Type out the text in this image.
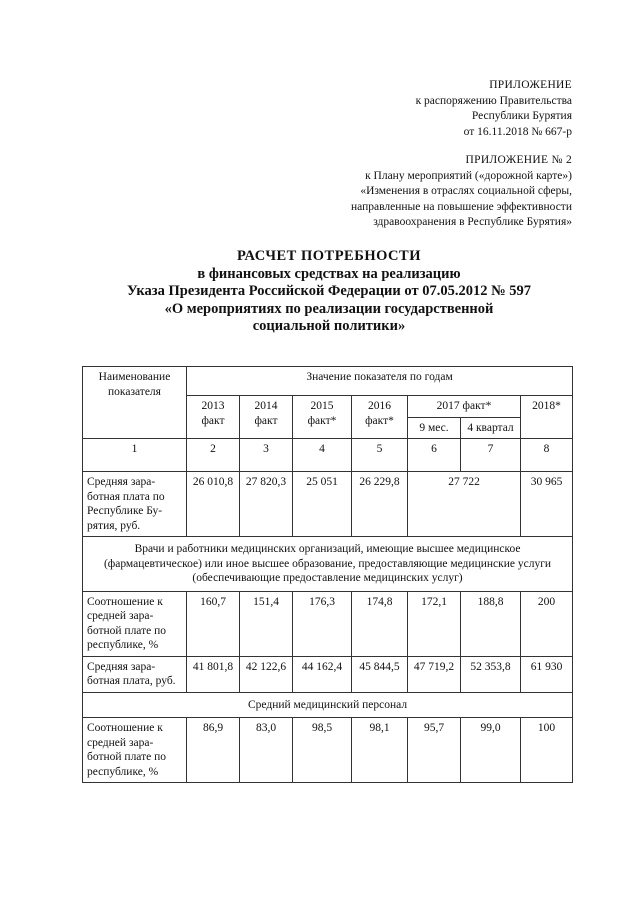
ПРИЛОЖЕНИЕ
к распоряжению Правительства
Республики Бурятия
от 16.11.2018 № 667-р
ПРИЛОЖЕНИЕ № 2
к Плану мероприятий («дорожной карте»)
«Изменения в отраслях социальной сферы,
направленные на повышение эффективности
здравоохранения в Республике Бурятия»
РАСЧЕТ ПОТРЕБНОСТИ
в финансовых средствах на реализацию
Указа Президента Российской Федерации от 07.05.2012 № 597
«О мероприятиях по реализации государственной
социальной политики»
Наименование показателя	Значение показателя по годам						
	2013 факт	2014 факт	2015 факт*	2016 факт*	2017 факт*		2018*
					9 мес.	4 квартал	
1	2	3	4	5	6	7	8
Средняя зара-ботная плата по Республике Бу-рятия, руб.	26 010,8	27 820,3	25 051	26 229,8	27 722		30 965
Врачи и работники медицинских организаций, имеющие высшее медицинское (фармацевтическое) или иное высшее образование, предоставляющие медицинские услуги (обеспечивающие предоставление медицинских услуг)							
Соотношение к средней зара-ботной плате по республике, %	160,7	151,4	176,3	174,8	172,1	188,8	200
Средняя зара-ботная плата, руб.	41 801,8	42 122,6	44 162,4	45 844,5	47 719,2	52 353,8	61 930
Средний медицинский персонал							
Соотношение к средней зара-ботной плате по республике, %	86,9	83,0	98,5	98,1	95,7	99,0	100
